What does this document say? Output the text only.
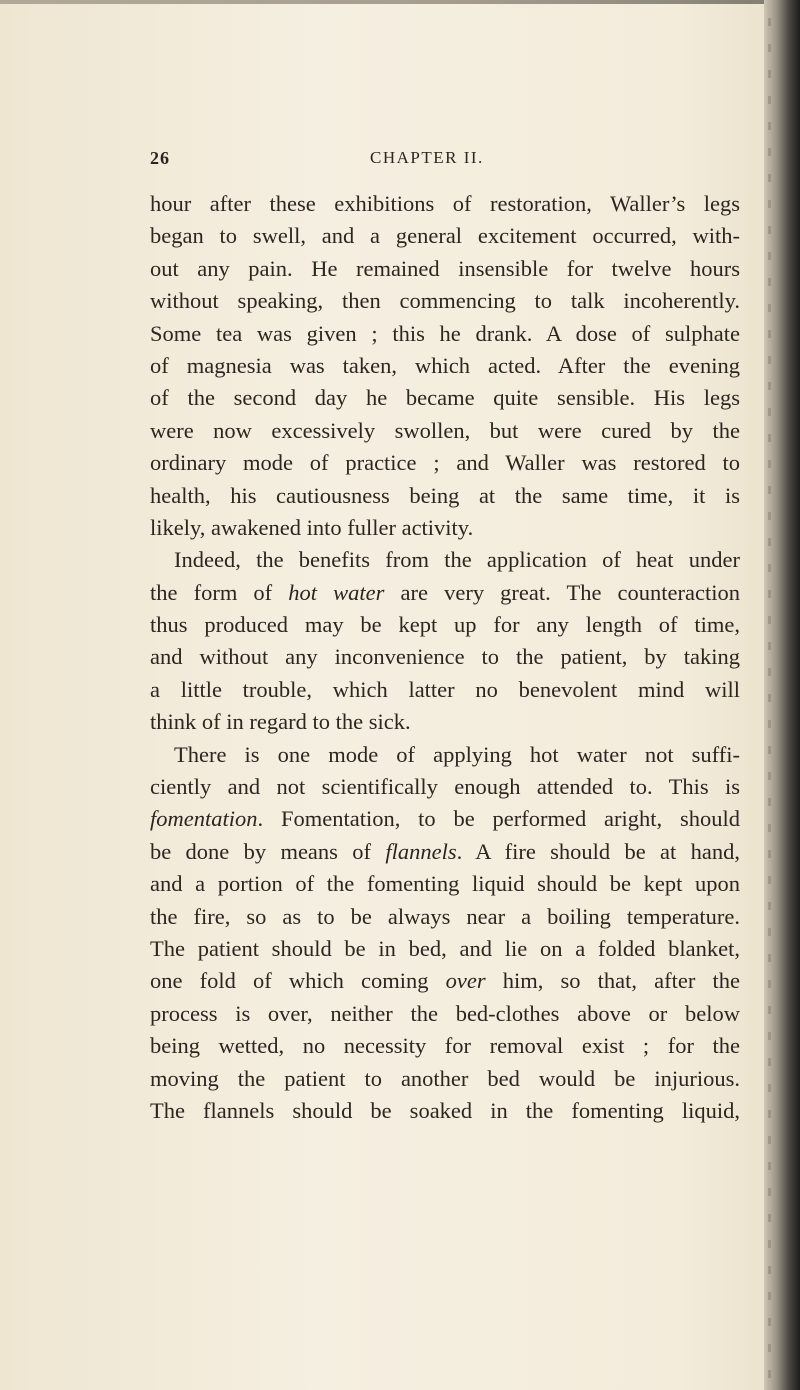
26	CHAPTER II.
hour after these exhibitions of restoration, Waller’s legs
began to swell, and a general excitement occurred, with-
out any pain. He remained insensible for twelve hours
without speaking, then commencing to talk incoherently.
Some tea was given ; this he drank. A dose of sulphate
of magnesia was taken, which acted. After the evening
of the second day he became quite sensible. His legs
were now excessively swollen, but were cured by the
ordinary mode of practice ; and Waller was restored to
health, his cautiousness being at the same time, it is
likely, awakened into fuller activity.
Indeed, the benefits from the application of heat under
the form of hot water are very great. The counteraction
thus produced may be kept up for any length of time,
and without any inconvenience to the patient, by taking
a little trouble, which latter no benevolent mind will
think of in regard to the sick.
There is one mode of applying hot water not suffi-
ciently and not scientifically enough attended to. This is
fomentation. Fomentation, to be performed aright, should
be done by means of flannels. A fire should be at hand,
and a portion of the fomenting liquid should be kept upon
the fire, so as to be always near a boiling temperature.
The patient should be in bed, and lie on a folded blanket,
one fold of which coming over him, so that, after the
process is over, neither the bed-clothes above or below
being wetted, no necessity for removal exist ; for the
moving the patient to another bed would be injurious.
The flannels should be soaked in the fomenting liquid,
